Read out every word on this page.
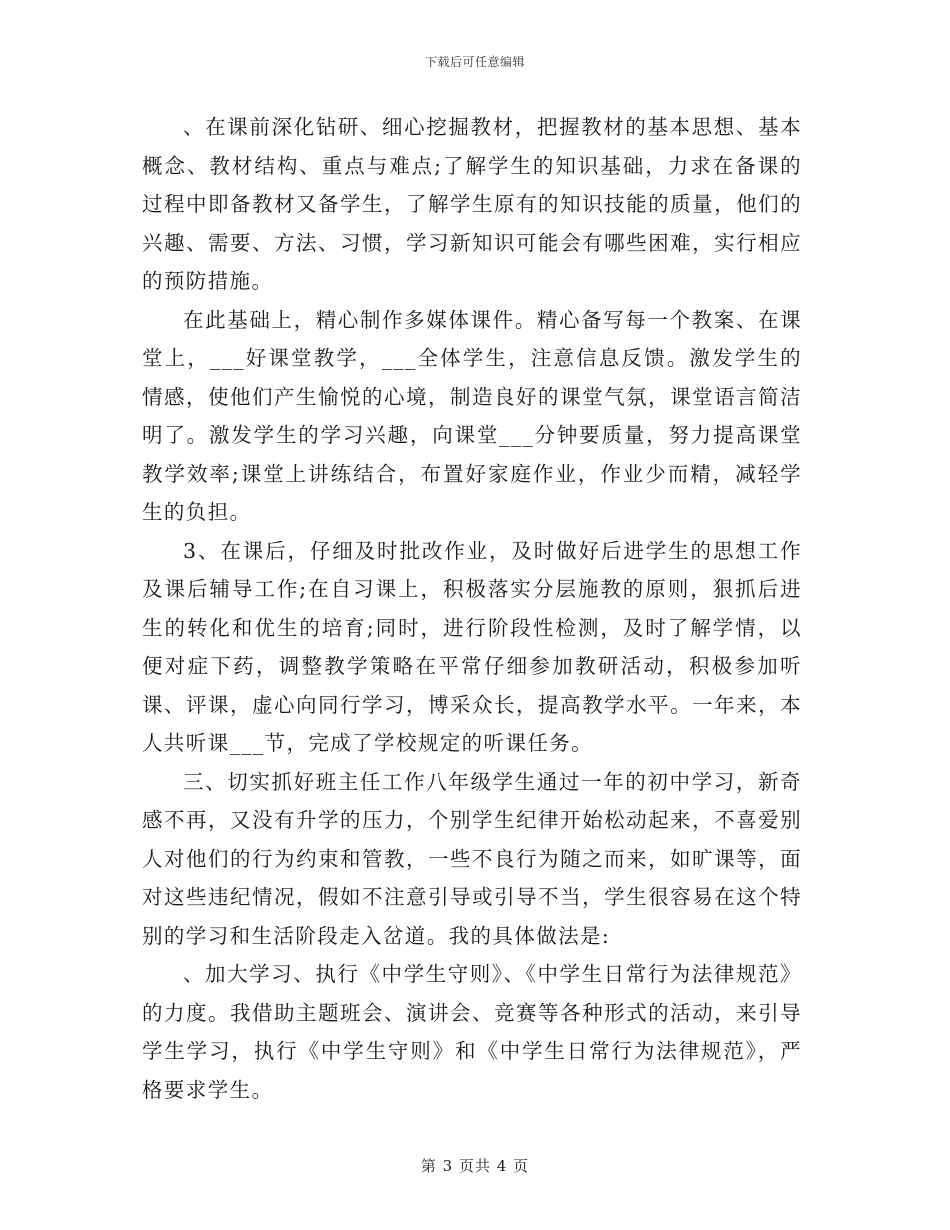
下载后可任意编辑

、在课前深化钻研、细心挖掘教材，把握教材的基本思想、基本概念、教材结构、重点与难点;了解学生的知识基础，力求在备课的过程中即备教材又备学生，了解学生原有的知识技能的质量，他们的兴趣、需要、方法、习惯，学习新知识可能会有哪些困难，实行相应的预防措施。

在此基础上，精心制作多媒体课件。精心备写每一个教案、在课堂上，___好课堂教学，___全体学生，注意信息反馈。激发学生的情感，使他们产生愉悦的心境，制造良好的课堂气氛，课堂语言简洁明了。激发学生的学习兴趣，向课堂___分钟要质量，努力提高课堂教学效率;课堂上讲练结合，布置好家庭作业，作业少而精，减轻学生的负担。

3、在课后，仔细及时批改作业，及时做好后进学生的思想工作及课后辅导工作;在自习课上，积极落实分层施教的原则，狠抓后进生的转化和优生的培育;同时，进行阶段性检测，及时了解学情，以便对症下药，调整教学策略在平常仔细参加教研活动，积极参加听课、评课，虚心向同行学习，博采众长，提高教学水平。一年来，本人共听课___节，完成了学校规定的听课任务。

三、切实抓好班主任工作八年级学生通过一年的初中学习，新奇感不再，又没有升学的压力，个别学生纪律开始松动起来，不喜爱别人对他们的行为约束和管教，一些不良行为随之而来，如旷课等，面对这些违纪情况，假如不注意引导或引导不当，学生很容易在这个特别的学习和生活阶段走入岔道。我的具体做法是:

、加大学习、执行《中学生守则》、《中学生日常行为法律规范》的力度。我借助主题班会、演讲会、竞赛等各种形式的活动，来引导学生学习，执行《中学生守则》和《中学生日常行为法律规范》，严格要求学生。

第 3 页共 4 页
